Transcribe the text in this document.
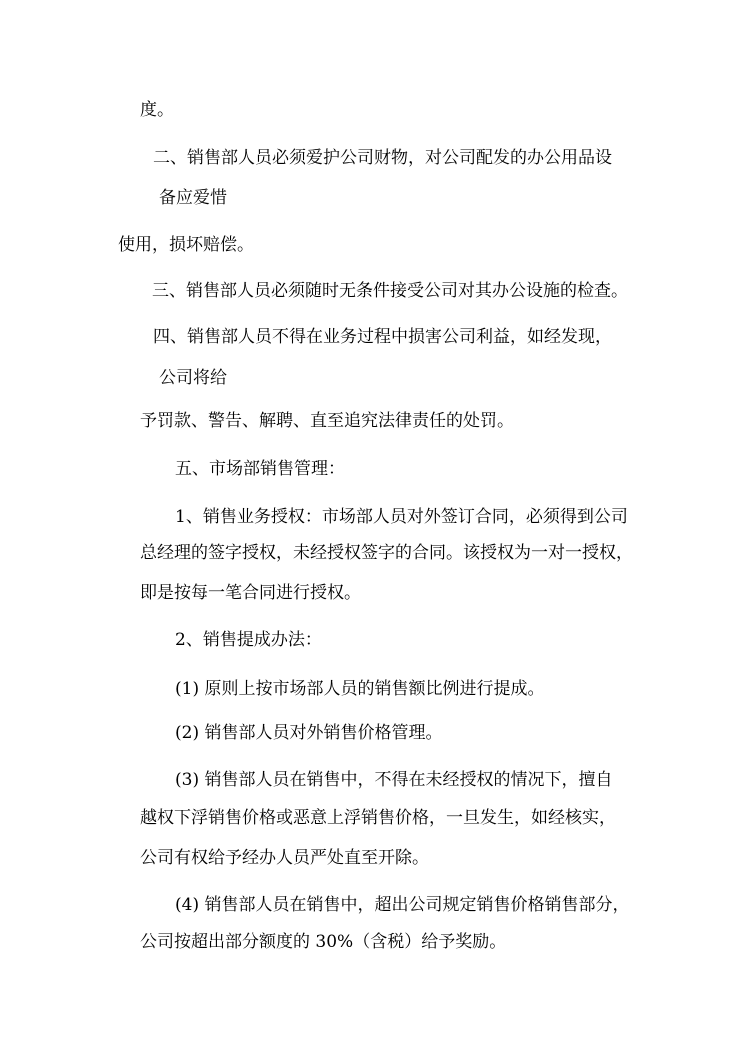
度。

二、销售部人员必须爱护公司财物，对公司配发的办公用品设

备应爱惜

使用，损坏赔偿。

三、销售部人员必须随时无条件接受公司对其办公设施的检查。

四、销售部人员不得在业务过程中损害公司利益，如经发现，

公司将给

予罚款、警告、解聘、直至追究法律责任的处罚。

五、市场部销售管理：

1、销售业务授权：市场部人员对外签订合同，必须得到公司

总经理的签字授权，未经授权签字的合同。该授权为一对一授权，

即是按每一笔合同进行授权。

2、销售提成办法：

(1) 原则上按市场部人员的销售额比例进行提成。

(2) 销售部人员对外销售价格管理。

(3) 销售部人员在销售中，不得在未经授权的情况下，擅自

越权下浮销售价格或恶意上浮销售价格，一旦发生，如经核实，

公司有权给予经办人员严处直至开除。

(4) 销售部人员在销售中，超出公司规定销售价格销售部分，

公司按超出部分额度的 30%（含税）给予奖励。
